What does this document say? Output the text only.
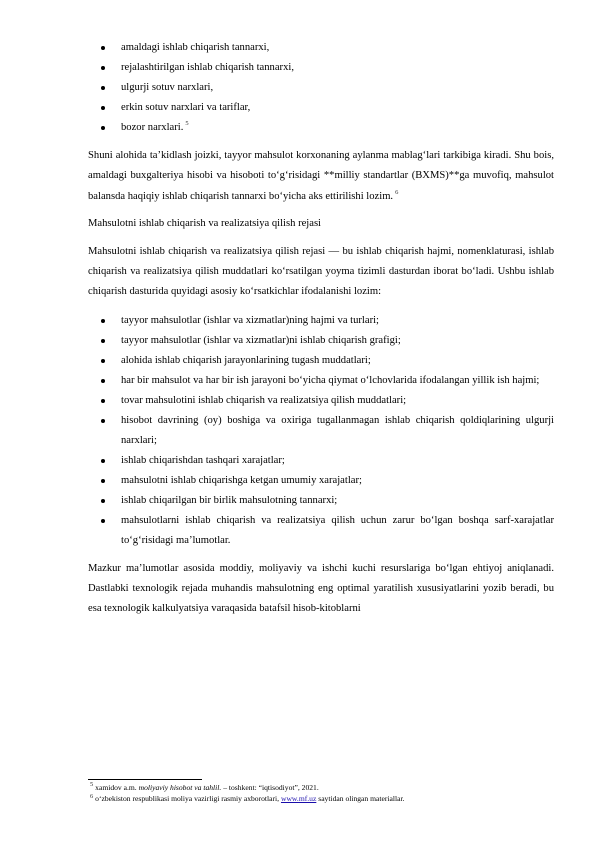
amaldagi ishlab chiqarish tannarxi,
rejalashtirilgan ishlab chiqarish tannarxi,
ulgurji sotuv narxlari,
erkin sotuv narxlari va tariflar,
bozor narxlari. $^5$

Shuni alohida ta’kidlash joizki, tayyor mahsulot korxonaning aylanma mablag‘lari tarkibiga kiradi. Shu bois, amaldagi buxgalteriya hisobi va hisoboti to‘g‘risidagi **milliy standartlar (BXMS)**ga muvofiq, mahsulot balansda haqiqiy ishlab chiqarish tannarxi bo‘yicha aks ettirilishi lozim. $^6$

Mahsulotni ishlab chiqarish va realizatsiya qilish rejasi

Mahsulotni ishlab chiqarish va realizatsiya qilish rejasi — bu ishlab chiqarish hajmi, nomenklaturasi, ishlab chiqarish va realizatsiya qilish muddatlari ko‘rsatilgan yoyma tizimli dasturdan iborat bo‘ladi. Ushbu ishlab chiqarish dasturida quyidagi asosiy ko‘rsatkichlar ifodalanishi lozim:

tayyor mahsulotlar (ishlar va xizmatlar)ning hajmi va turlari;
tayyor mahsulotlar (ishlar va xizmatlar)ni ishlab chiqarish grafigi;
alohida ishlab chiqarish jarayonlarining tugash muddatlari;
har bir mahsulot va har bir ish jarayoni bo‘yicha qiymat o‘lchovlarida ifodalangan yillik ish hajmi;
tovar mahsulotini ishlab chiqarish va realizatsiya qilish muddatlari;
hisobot davrining (oy) boshiga va oxiriga tugallanmagan ishlab chiqarish qoldiqlarining ulgurji narxlari;
ishlab chiqarishdan tashqari xarajatlar;
mahsulotni ishlab chiqarishga ketgan umumiy xarajatlar;
ishlab chiqarilgan bir birlik mahsulotning tannarxi;
mahsulotlarni ishlab chiqarish va realizatsiya qilish uchun zarur bo‘lgan boshqa sarf-xarajatlar to‘g‘risidagi ma’lumotlar.

Mazkur ma’lumotlar asosida moddiy, moliyaviy va ishchi kuchi resurslariga bo‘lgan ehtiyoj aniqlanadi. Dastlabki texnologik rejada muhandis mahsulotning eng optimal yaratilish xususiyatlarini yozib beradi, bu esa texnologik kalkulyatsiya varaqasida batafsil hisob-kitoblarni

5 xamidov a.m. moliyaviy hisobot va tahlil. – toshkent: “iqtisodiyot”, 2021.
6 o‘zbekiston respublikasi moliya vazirligi rasmiy axborotlari, www.mf.uz saytidan olingan materiallar.
